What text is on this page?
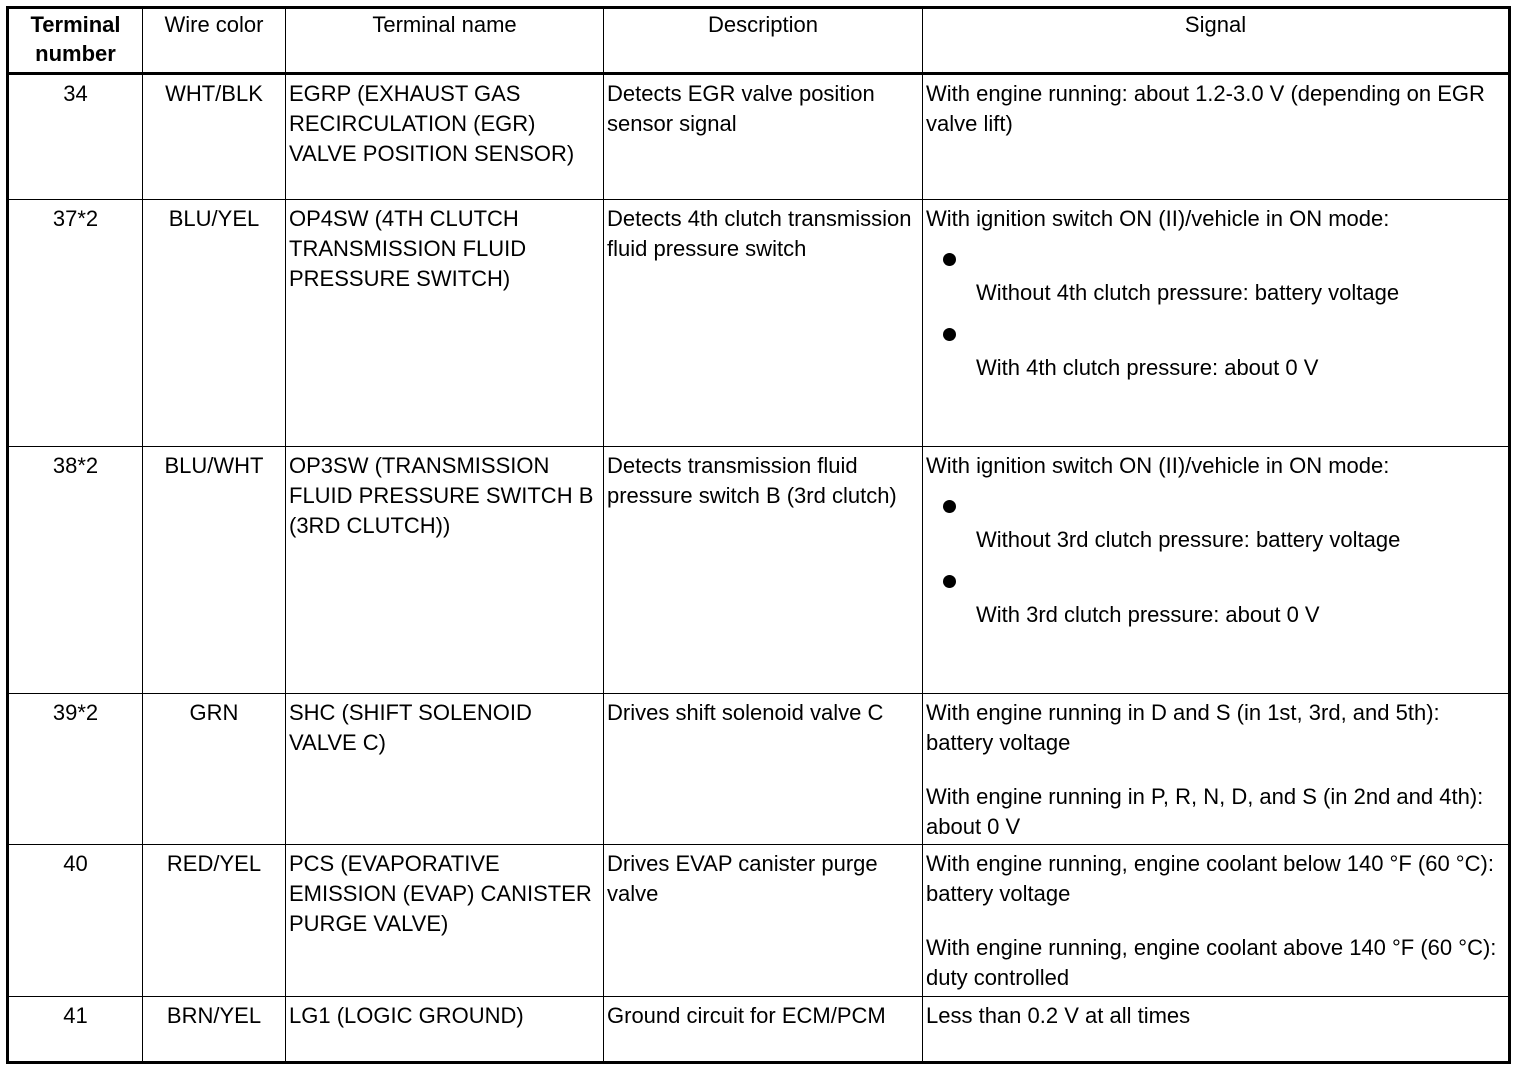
Terminal number	Wire color	Terminal name	Description	Signal
34	WHT/BLK	EGRP (EXHAUST GAS RECIRCULATION (EGR) VALVE POSITION SENSOR)	Detects EGR valve position sensor signal	With engine running: about 1.2-3.0 V (depending on EGR valve lift)

37*2	BLU/YEL	OP4SW (4TH CLUTCH TRANSMISSION FLUID PRESSURE SWITCH)	Detects 4th clutch transmission fluid pressure switch	With ignition switch ON (II)/vehicle in ON mode:
Without 4th clutch pressure: battery voltage
With 4th clutch pressure: about 0 V

38*2	BLU/WHT	OP3SW (TRANSMISSION FLUID PRESSURE SWITCH B (3RD CLUTCH))	Detects transmission fluid pressure switch B (3rd clutch)	With ignition switch ON (II)/vehicle in ON mode:
Without 3rd clutch pressure: battery voltage
With 3rd clutch pressure: about 0 V

39*2	GRN	SHC (SHIFT SOLENOID VALVE C)	Drives shift solenoid valve C	With engine running in D and S (in 1st, 3rd, and 5th): battery voltage
With engine running in P, R, N, D, and S (in 2nd and 4th): about 0 V

40	RED/YEL	PCS (EVAPORATIVE EMISSION (EVAP) CANISTER PURGE VALVE)	Drives EVAP canister purge valve	With engine running, engine coolant below 140 °F (60 °C): battery voltage
With engine running, engine coolant above 140 °F (60 °C): duty controlled

41	BRN/YEL	LG1 (LOGIC GROUND)	Ground circuit for ECM/PCM	Less than 0.2 V at all times
